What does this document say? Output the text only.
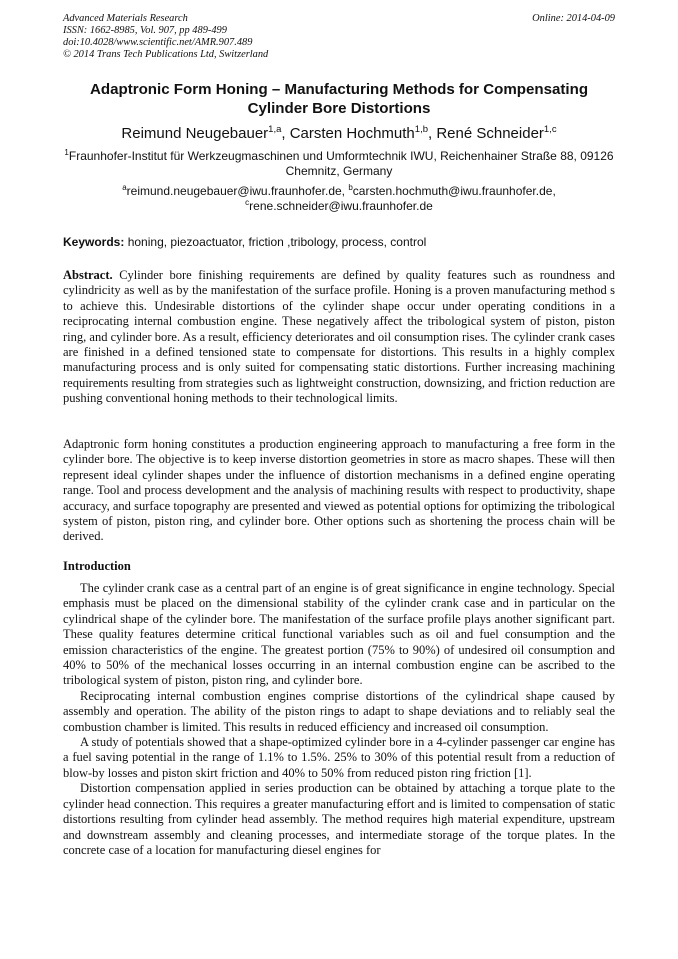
Advanced Materials Research
ISSN: 1662-8985, Vol. 907, pp 489-499
doi:10.4028/www.scientific.net/AMR.907.489
© 2014 Trans Tech Publications Ltd, Switzerland
Online: 2014-04-09
Adaptronic Form Honing – Manufacturing Methods for Compensating Cylinder Bore Distortions
Reimund Neugebauer$^{1,a}$, Carsten Hochmuth$^{1,b}$, René Schneider$^{1,c}$
$^1$Fraunhofer-Institut für Werkzeugmaschinen und Umformtechnik IWU, Reichenhainer Straße 88, 09126 Chemnitz, Germany
$^a$reimund.neugebauer@iwu.fraunhofer.de, $^b$carsten.hochmuth@iwu.fraunhofer.de,
$^c$rene.schneider@iwu.fraunhofer.de
Keywords: honing, piezoactuator, friction ,tribology, process, control

Abstract. Cylinder bore finishing requirements are defined by quality features such as roundness and cylindricity as well as by the manifestation of the surface profile. Honing is a proven manufacturing method s to achieve this. Undesirable distortions of the cylinder shape occur under operating conditions in a reciprocating internal combustion engine. These negatively affect the tribological system of piston, piston ring, and cylinder bore. As a result, efficiency deteriorates and oil consumption rises. The cylinder crank cases are finished in a defined tensioned state to compensate for distortions. This results in a highly complex manufacturing process and is only suited for compensating static distortions. Further increasing machining requirements resulting from strategies such as lightweight construction, downsizing, and friction reduction are pushing conventional honing methods to their technological limits.

Adaptronic form honing constitutes a production engineering approach to manufacturing a free form in the cylinder bore. The objective is to keep inverse distortion geometries in store as macro shapes. These will then represent ideal cylinder shapes under the influence of distortion mechanisms in a defined engine operating range. Tool and process development and the analysis of machining results with respect to productivity, shape accuracy, and surface topography are presented and viewed as potential options for optimizing the tribological system of piston, piston ring, and cylinder bore. Other options such as shortening the process chain will be derived.

Introduction

The cylinder crank case as a central part of an engine is of great significance in engine technology. Special emphasis must be placed on the dimensional stability of the cylinder crank case and in particular on the cylindrical shape of the cylinder bore. The manifestation of the surface profile plays another significant part. These quality features determine critical functional variables such as oil and fuel consumption and the emission characteristics of the engine. The greatest portion (75% to 90%) of undesired oil consumption and 40% to 50% of the mechanical losses occurring in an internal combustion engine can be ascribed to the tribological system of piston, piston ring, and cylinder bore.

Reciprocating internal combustion engines comprise distortions of the cylindrical shape caused by assembly and operation. The ability of the piston rings to adapt to shape deviations and to reliably seal the combustion chamber is limited. This results in reduced efficiency and increased oil consumption.

A study of potentials showed that a shape-optimized cylinder bore in a 4-cylinder passenger car engine has a fuel saving potential in the range of 1.1% to 1.5%. 25% to 30% of this potential result from a reduction of blow-by losses and piston skirt friction and 40% to 50% from reduced piston ring friction [1].

Distortion compensation applied in series production can be obtained by attaching a torque plate to the cylinder head connection. This requires a greater manufacturing effort and is limited to compensation of static distortions resulting from cylinder head assembly. The method requires high material expenditure, upstream and downstream assembly and cleaning processes, and intermediate storage of the torque plates. In the concrete case of a location for manufacturing diesel engines for
